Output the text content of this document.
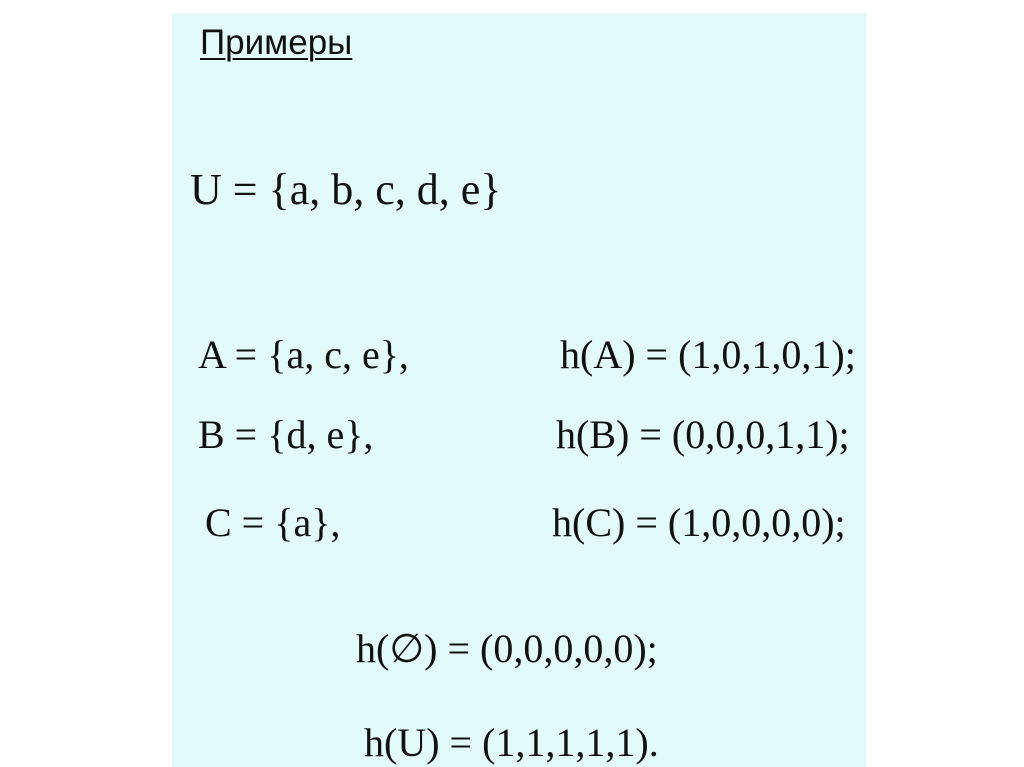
Примеры
U = {a, b, c, d, e}
A = {a, c, e},	h(A) = (1,0,1,0,1);
B = {d, e},	h(B) = (0,0,0,1,1);
C = {a},	h(C) = (1,0,0,0,0);
h(∅) = (0,0,0,0,0);
h(U) = (1,1,1,1,1).
